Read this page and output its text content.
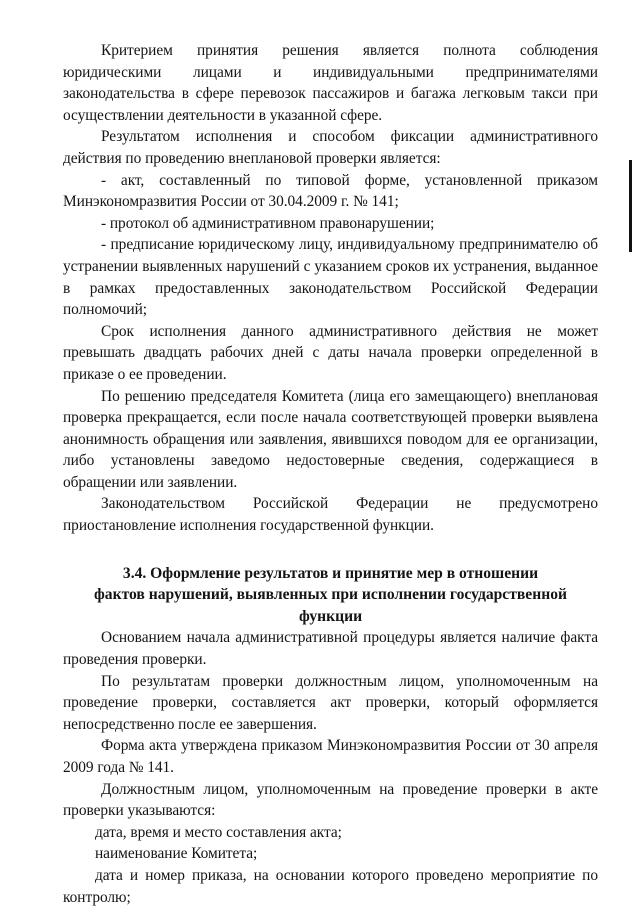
Критерием принятия решения является полнота соблюдения юридическими лицами и индивидуальными предпринимателями законодательства в сфере перевозок пассажиров и багажа легковым такси при осуществлении деятельности в указанной сфере.

Результатом исполнения и способом фиксации административного действия по проведению внеплановой проверки является:

- акт, составленный по типовой форме, установленной приказом Минэкономразвития России от 30.04.2009 г. № 141;

- протокол об административном правонарушении;

- предписание юридическому лицу, индивидуальному предпринимателю об устранении выявленных нарушений с указанием сроков их устранения, выданное в рамках предоставленных законодательством Российской Федерации полномочий;

Срок исполнения данного административного действия не может превышать двадцать рабочих дней с даты начала проверки определенной в приказе о ее проведении.

По решению председателя Комитета (лица его замещающего) внеплановая проверка прекращается, если после начала соответствующей проверки выявлена анонимность обращения или заявления, явившихся поводом для ее организации, либо установлены заведомо недостоверные сведения, содержащиеся в обращении или заявлении.

Законодательством Российской Федерации не предусмотрено приостановление исполнения государственной функции.

3.4. Оформление результатов и принятие мер в отношении

фактов нарушений, выявленных при исполнении государственной функции

Основанием начала административной процедуры является наличие факта проведения проверки.

По результатам проверки должностным лицом, уполномоченным на проведение проверки, составляется акт проверки, который оформляется непосредственно после ее завершения.

Форма акта утверждена приказом Минэкономразвития России от 30 апреля 2009 года № 141.

Должностным лицом, уполномоченным на проведение проверки в акте проверки указываются:

дата, время и место составления акта;

наименование Комитета;

дата и номер приказа, на основании которого проведено мероприятие по контролю;
